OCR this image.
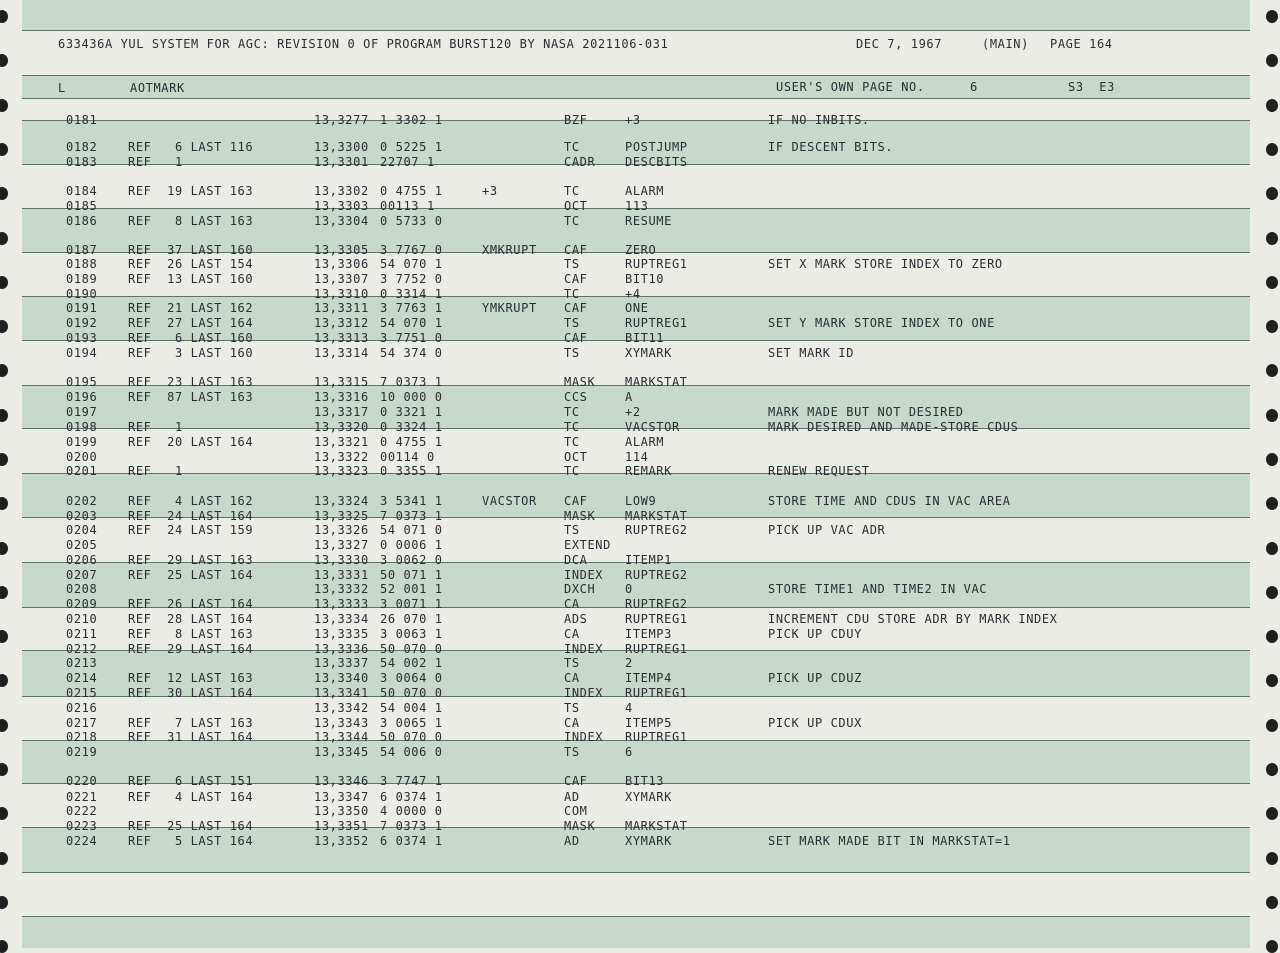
633436A YUL SYSTEM FOR AGC: REVISION 0 OF PROGRAM BURST120 BY NASA 2021106-031	DEC 7, 1967	(MAIN) PAGE 164
L	AOTMARK	USER'S OWN PAGE NO.	6	S3  E3
0181	13,3277 1 3302 1	BZF	+3	IF NO INBITS.
0182	REF   6 LAST 116	13,3300 0 5225 1	TC	POSTJUMP	IF DESCENT BITS.
0183	REF   1	13,3301 22707 1	CADR DESCBITS
0184	REF  19 LAST 163	13,3302 0 4755 1	+3	TC	ALARM
0185	13,3303 00113 1	OCT	113
0186	REF   8 LAST 163	13,3304 0 5733 0	TC	RESUME
0187	REF  37 LAST 160	13,3305 3 7767 0	XMKRUPT CAF	ZERO
0188	REF  26 LAST 154	13,3306 54 070 1	TS	RUPTREG1	SET X MARK STORE INDEX TO ZERO
0189	REF  13 LAST 160	13,3307 3 7752 0	CAF	BIT10
0190	13,3310 0 3314 1	TC	+4
0191	REF  21 LAST 162	13,3311 3 7763 1	YMKRUPT CAF	ONE
0192	REF  27 LAST 164	13,3312 54 070 1	TS	RUPTREG1	SET Y MARK STORE INDEX TO ONE
0193	REF   6 LAST 160	13,3313 3 7751 0	CAF	BIT11
0194	REF   3 LAST 160	13,3314 54 374 0	TS	XYMARK	SET MARK ID
0195	REF  23 LAST 163	13,3315 7 0373 1	MASK MARKSTAT
0196	REF  87 LAST 163	13,3316 10 000 0	CCS	A
0197	13,3317 0 3321 1	TC	+2	MARK MADE BUT NOT DESIRED
0198	REF   1	13,3320 0 3324 1	TC	VACSTOR	MARK DESIRED AND MADE-STORE CDUS
0199	REF  20 LAST 164	13,3321 0 4755 1	TC	ALARM
0200	13,3322 00114 0	OCT	114
0201	REF   1	13,3323 0 3355 1	TC	REMARK	RENEW REQUEST
0202	REF   4 LAST 162	13,3324 3 5341 1	VACSTOR CAF	LOW9	STORE TIME AND CDUS IN VAC AREA
0203	REF  24 LAST 164	13,3325 7 0373 1	MASK MARKSTAT
0204	REF  24 LAST 159	13,3326 54 071 0	TS	RUPTREG2	PICK UP VAC ADR
0205	13,3327 0 0006 1	EXTEND
0206	REF  29 LAST 163	13,3330 3 0062 0	DCA	ITEMP1
0207	REF  25 LAST 164	13,3331 50 071 1	INDEX RUPTREG2
0208	13,3332 52 001 1	DXCH 0	STORE TIME1 AND TIME2 IN VAC
0209	REF  26 LAST 164	13,3333 3 0071 1	CA	RUPTREG2
0210	REF  28 LAST 164	13,3334 26 070 1	ADS	RUPTREG1	INCREMENT CDU STORE ADR BY MARK INDEX
0211	REF   8 LAST 163	13,3335 3 0063 1	CA	ITEMP3	PICK UP CDUY
0212	REF  29 LAST 164	13,3336 50 070 0	INDEX RUPTREG1
0213	13,3337 54 002 1	TS	2
0214	REF  12 LAST 163	13,3340 3 0064 0	CA	ITEMP4	PICK UP CDUZ
0215	REF  30 LAST 164	13,3341 50 070 0	INDEX RUPTREG1
0216	13,3342 54 004 1	TS	4
0217	REF   7 LAST 163	13,3343 3 0065 1	CA	ITEMP5	PICK UP CDUX
0218	REF  31 LAST 164	13,3344 50 070 0	INDEX RUPTREG1
0219	13,3345 54 006 0	TS	6
0220	REF   6 LAST 151	13,3346 3 7747 1	CAF	BIT13
0221	REF   4 LAST 164	13,3347 6 0374 1	AD	XYMARK
0222	13,3350 4 0000 0	COM
0223	REF  25 LAST 164	13,3351 7 0373 1	MASK MARKSTAT
0224	REF   5 LAST 164	13,3352 6 0374 1	AD	XYMARK	SET MARK MADE BIT IN MARKSTAT=1
